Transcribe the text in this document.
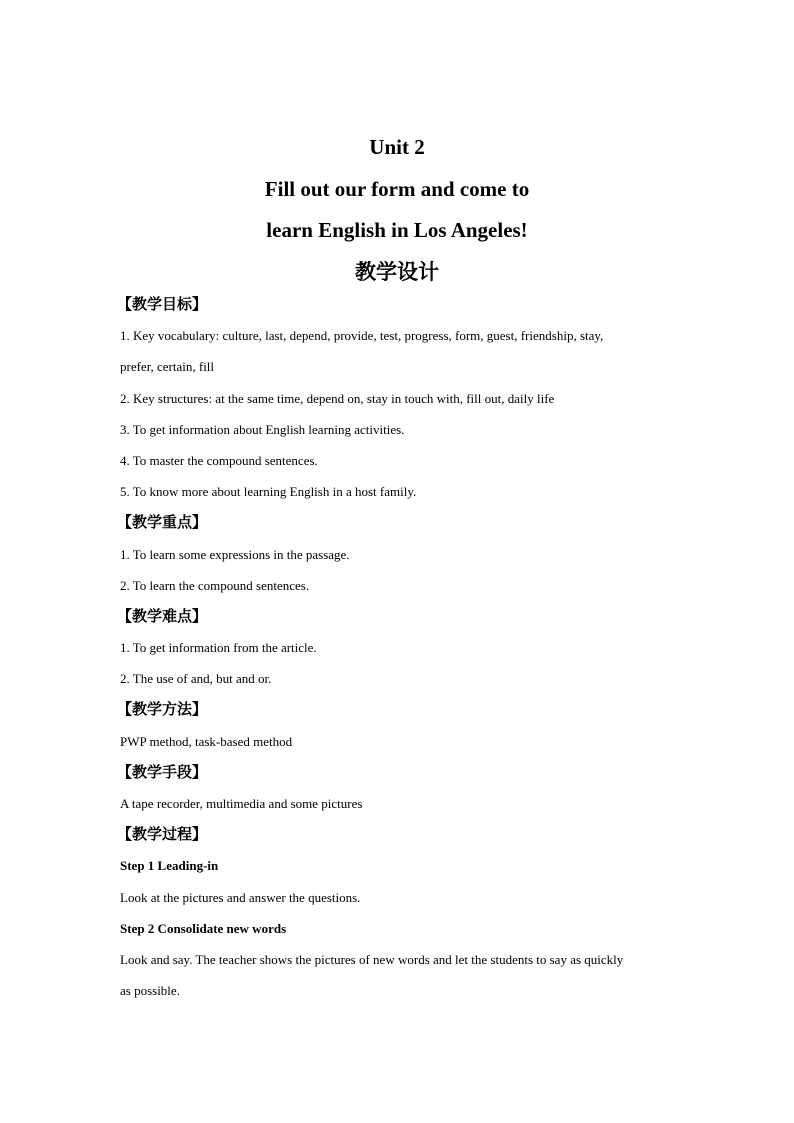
Unit 2
Fill out our form and come to
learn English in Los Angeles!
教学设计
【教学目标】
1. Key vocabulary: culture, last, depend, provide, test, progress, form, guest, friendship, stay,
prefer, certain, fill
2. Key structures: at the same time, depend on, stay in touch with, fill out, daily life
3. To get information about English learning activities.
4. To master the compound sentences.
5. To know more about learning English in a host family.
【教学重点】
1. To learn some expressions in the passage.
2. To learn the compound sentences.
【教学难点】
1. To get information from the article.
2. The use of and, but and or.
【教学方法】
PWP method, task-based method
【教学手段】
A tape recorder, multimedia and some pictures
【教学过程】
Step 1 Leading-in
Look at the pictures and answer the questions.
Step 2 Consolidate new words
Look and say. The teacher shows the pictures of new words and let the students to say as quickly
as possible.
